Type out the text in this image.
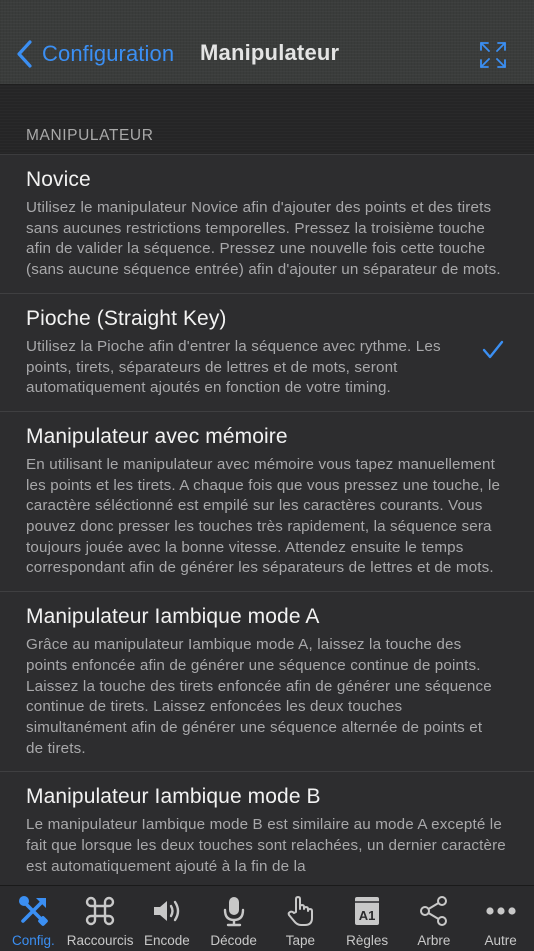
Configuration Manipulateur
MANIPULATEUR
Novice

Utilisez le manipulateur Novice afin d'ajouter des points et des tirets sans aucunes restrictions temporelles. Pressez la troisième touche afin de valider la séquence. Pressez une nouvelle fois cette touche (sans aucune séquence entrée) afin d'ajouter un séparateur de mots.

Pioche (Straight Key)

Utilisez la Pioche afin d'entrer la séquence avec rythme. Les points, tirets, séparateurs de lettres et de mots, seront automatiquement ajoutés en fonction de votre timing.

Manipulateur avec mémoire

En utilisant le manipulateur avec mémoire vous tapez manuellement les points et les tirets. A chaque fois que vous pressez une touche, le caractère séléctionné est empilé sur les caractères courants. Vous pouvez donc presser les touches très rapidement, la séquence sera toujours jouée avec la bonne vitesse. Attendez ensuite le temps correspondant afin de générer les séparateurs de lettres et de mots.

Manipulateur Iambique mode A

Grâce au manipulateur Iambique mode A, laissez la touche des points enfoncée afin de générer une séquence continue de points. Laissez la touche des tirets enfoncée afin de générer une séquence continue de tirets. Laissez enfoncées les deux touches simultanément afin de générer une séquence alternée de points et de tirets.

Manipulateur Iambique mode B

Le manipulateur Iambique mode B est similaire au mode A excepté le fait que lorsque les deux touches sont relachées, un dernier caractère est automatiquement ajouté à la fin de la

Config. Raccourcis Encode Décode Tape
A1
Règles Arbre	Autre
